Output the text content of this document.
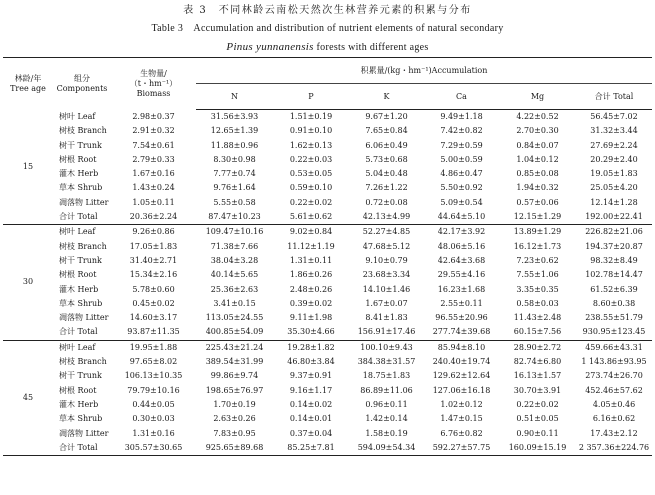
表 3　不同林龄云南松天然次生林营养元素的积累与分布
Table 3　Accumulation and distribution of nutrient elements of natural secondary
Pinus yunnanensis forests with different ages
林龄/年
Tree age	组分
Components	生物量/
（t・hm⁻¹）
Biomass	积累量/(kg・hm⁻¹)Accumulation					
			N	P	K	Ca	Mg	合计 Total
15	树叶 Leaf	2.98±0.37	31.56±3.93	1.51±0.19	9.67±1.20	9.49±1.18	4.22±0.52	56.45±7.02
	树枝 Branch	2.91±0.32	12.65±1.39	0.91±0.10	7.65±0.84	7.42±0.82	2.70±0.30	31.32±3.44
	树干 Trunk	7.54±0.61	11.88±0.96	1.62±0.13	6.06±0.49	7.29±0.59	0.84±0.07	27.69±2.24
	树根 Root	2.79±0.33	8.30±0.98	0.22±0.03	5.73±0.68	5.00±0.59	1.04±0.12	20.29±2.40
	灌木 Herb	1.67±0.16	7.77±0.74	0.53±0.05	5.04±0.48	4.86±0.47	0.85±0.08	19.05±1.83
	草本 Shrub	1.43±0.24	9.76±1.64	0.59±0.10	7.26±1.22	5.50±0.92	1.94±0.32	25.05±4.20
	凋落物 Litter	1.05±0.11	5.55±0.58	0.22±0.02	0.72±0.08	5.09±0.54	0.57±0.06	12.14±1.28
	合计 Total	20.36±2.24	87.47±10.23	5.61±0.62	42.13±4.99	44.64±5.10	12.15±1.29	192.00±22.41
30	树叶 Leaf	9.26±0.86	109.47±10.16	9.02±0.84	52.27±4.85	42.17±3.92	13.89±1.29	226.82±21.06
	树枝 Branch	17.05±1.83	71.38±7.66	11.12±1.19	47.68±5.12	48.06±5.16	16.12±1.73	194.37±20.87
	树干 Trunk	31.40±2.71	38.04±3.28	1.31±0.11	9.10±0.79	42.64±3.68	7.23±0.62	98.32±8.49
	树根 Root	15.34±2.16	40.14±5.65	1.86±0.26	23.68±3.34	29.55±4.16	7.55±1.06	102.78±14.47
	灌木 Herb	5.78±0.60	25.36±2.63	2.48±0.26	14.10±1.46	16.23±1.68	3.35±0.35	61.52±6.39
	草本 Shrub	0.45±0.02	3.41±0.15	0.39±0.02	1.67±0.07	2.55±0.11	0.58±0.03	8.60±0.38
	凋落物 Litter	14.60±3.17	113.05±24.55	9.11±1.98	8.41±1.83	96.55±20.96	11.43±2.48	238.55±51.79
	合计 Total	93.87±11.35	400.85±54.09	35.30±4.66	156.91±17.46	277.74±39.68	60.15±7.56	930.95±123.45
45	树叶 Leaf	19.95±1.88	225.43±21.24	19.28±1.82	100.10±9.43	85.94±8.10	28.90±2.72	459.66±43.31
	树枝 Branch	97.65±8.02	389.54±31.99	46.80±3.84	384.38±31.57	240.40±19.74	82.74±6.80	1 143.86±93.95
	树干 Trunk	106.13±10.35	99.86±9.74	9.37±0.91	18.75±1.83	129.62±12.64	16.13±1.57	273.74±26.70
	树根 Root	79.79±10.16	198.65±76.97	9.16±1.17	86.89±11.06	127.06±16.18	30.70±3.91	452.46±57.62
	灌木 Herb	0.44±0.05	1.70±0.19	0.14±0.02	0.96±0.11	1.02±0.12	0.22±0.02	4.05±0.46
	草本 Shrub	0.30±0.03	2.63±0.26	0.14±0.01	1.42±0.14	1.47±0.15	0.51±0.05	6.16±0.62
	凋落物 Litter	1.31±0.16	7.83±0.95	0.37±0.04	1.58±0.19	6.76±0.82	0.90±0.11	17.43±2.12
	合计 Total	305.57±30.65	925.65±89.68	85.25±7.81	594.09±54.34	592.27±57.75	160.09±15.19	2 357.36±224.76
